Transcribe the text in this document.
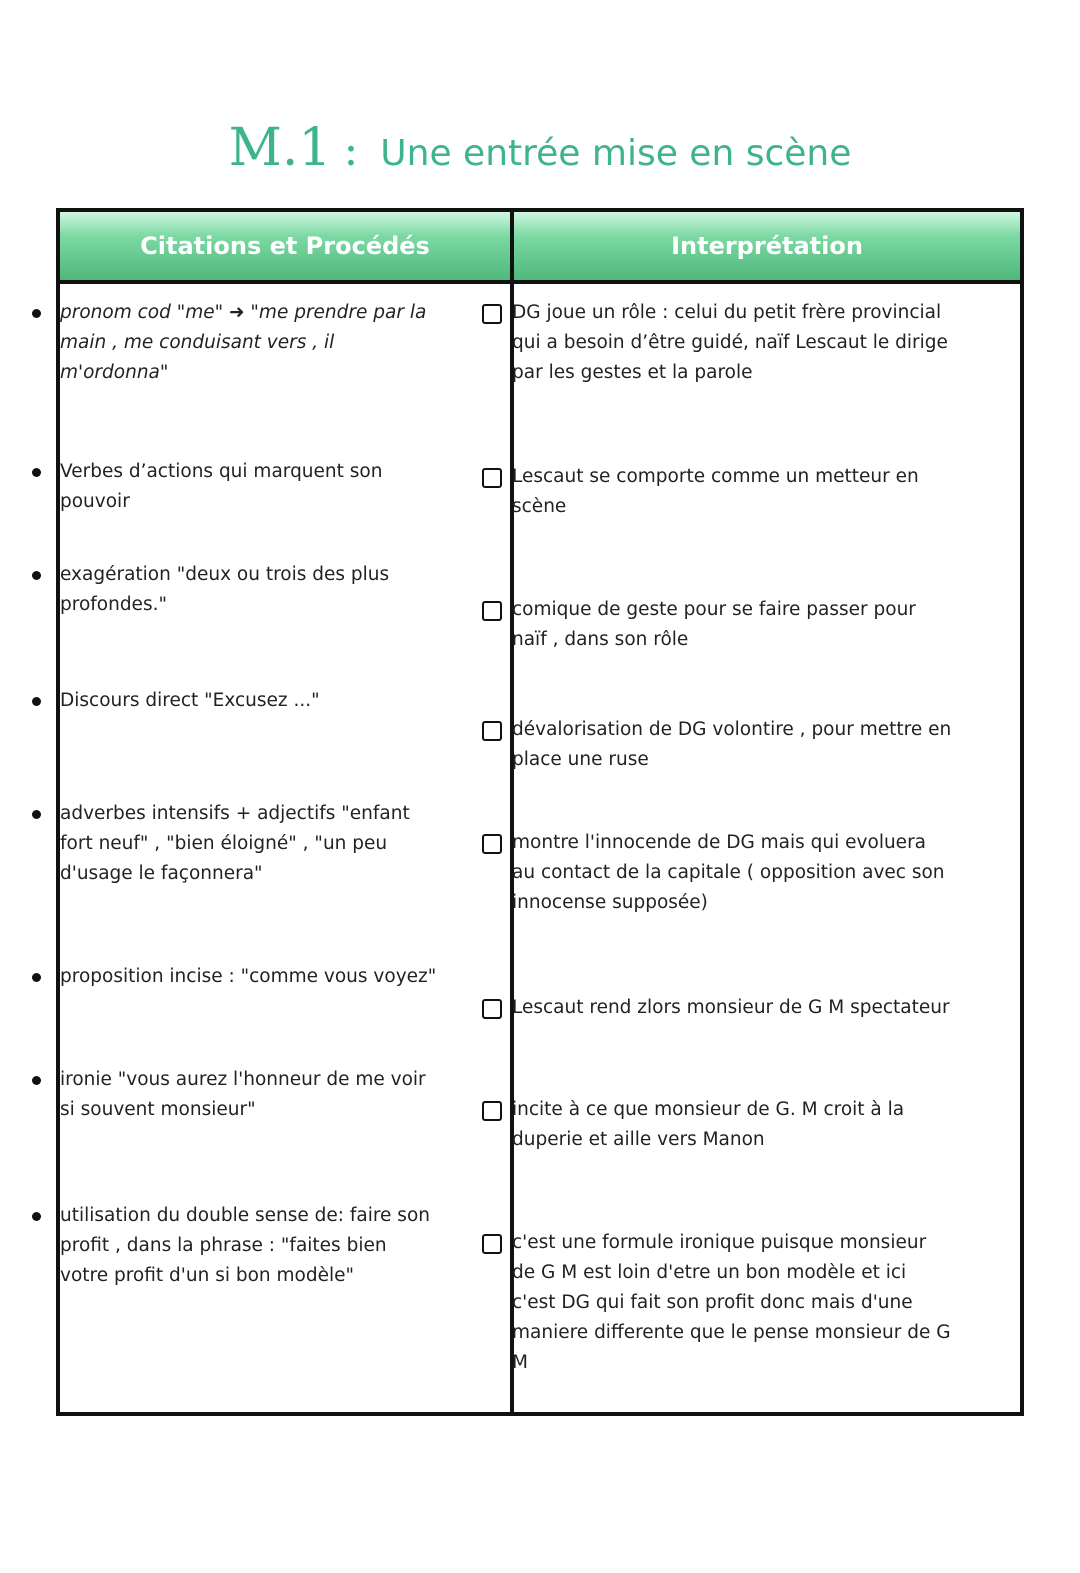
M.1 : Une entrée mise en scène
Citations et Procédés	Interprétation
pronom cod "me" ➜ "me prendre par la main , me conduisant vers , il m'ordonna"
Verbes d’actions qui marquent son pouvoir
exagération "deux ou trois des plus profondes."
Discours direct "Excusez ..."
adverbes intensifs + adjectifs "enfant fort neuf" , "bien éloigné" , "un peu d'usage le façonnera"
proposition incise : "comme vous voyez"
ironie "vous aurez l'honneur de me voir si souvent monsieur"
utilisation du double sense de: faire son profit , dans la phrase : "faites bien votre profit d'un si bon modèle"
DG joue un rôle : celui du petit frère provincial qui a besoin d’être guidé, naïf Lescaut le dirige par les gestes et la parole
Lescaut se comporte comme un metteur en scène
comique de geste pour se faire passer pour naïf , dans son rôle
dévalorisation de DG volontire , pour mettre en place une ruse
montre l'innocende de DG mais qui evoluera au contact de la capitale ( opposition avec son innocense supposée)
Lescaut rend zlors monsieur de G M spectateur
incite à ce que monsieur de G. M croit à la duperie et aille vers Manon
c'est une formule ironique puisque monsieur de G M est loin d'etre un bon modèle et ici c'est DG qui fait son profit donc mais d'une maniere differente que le pense monsieur de G M
